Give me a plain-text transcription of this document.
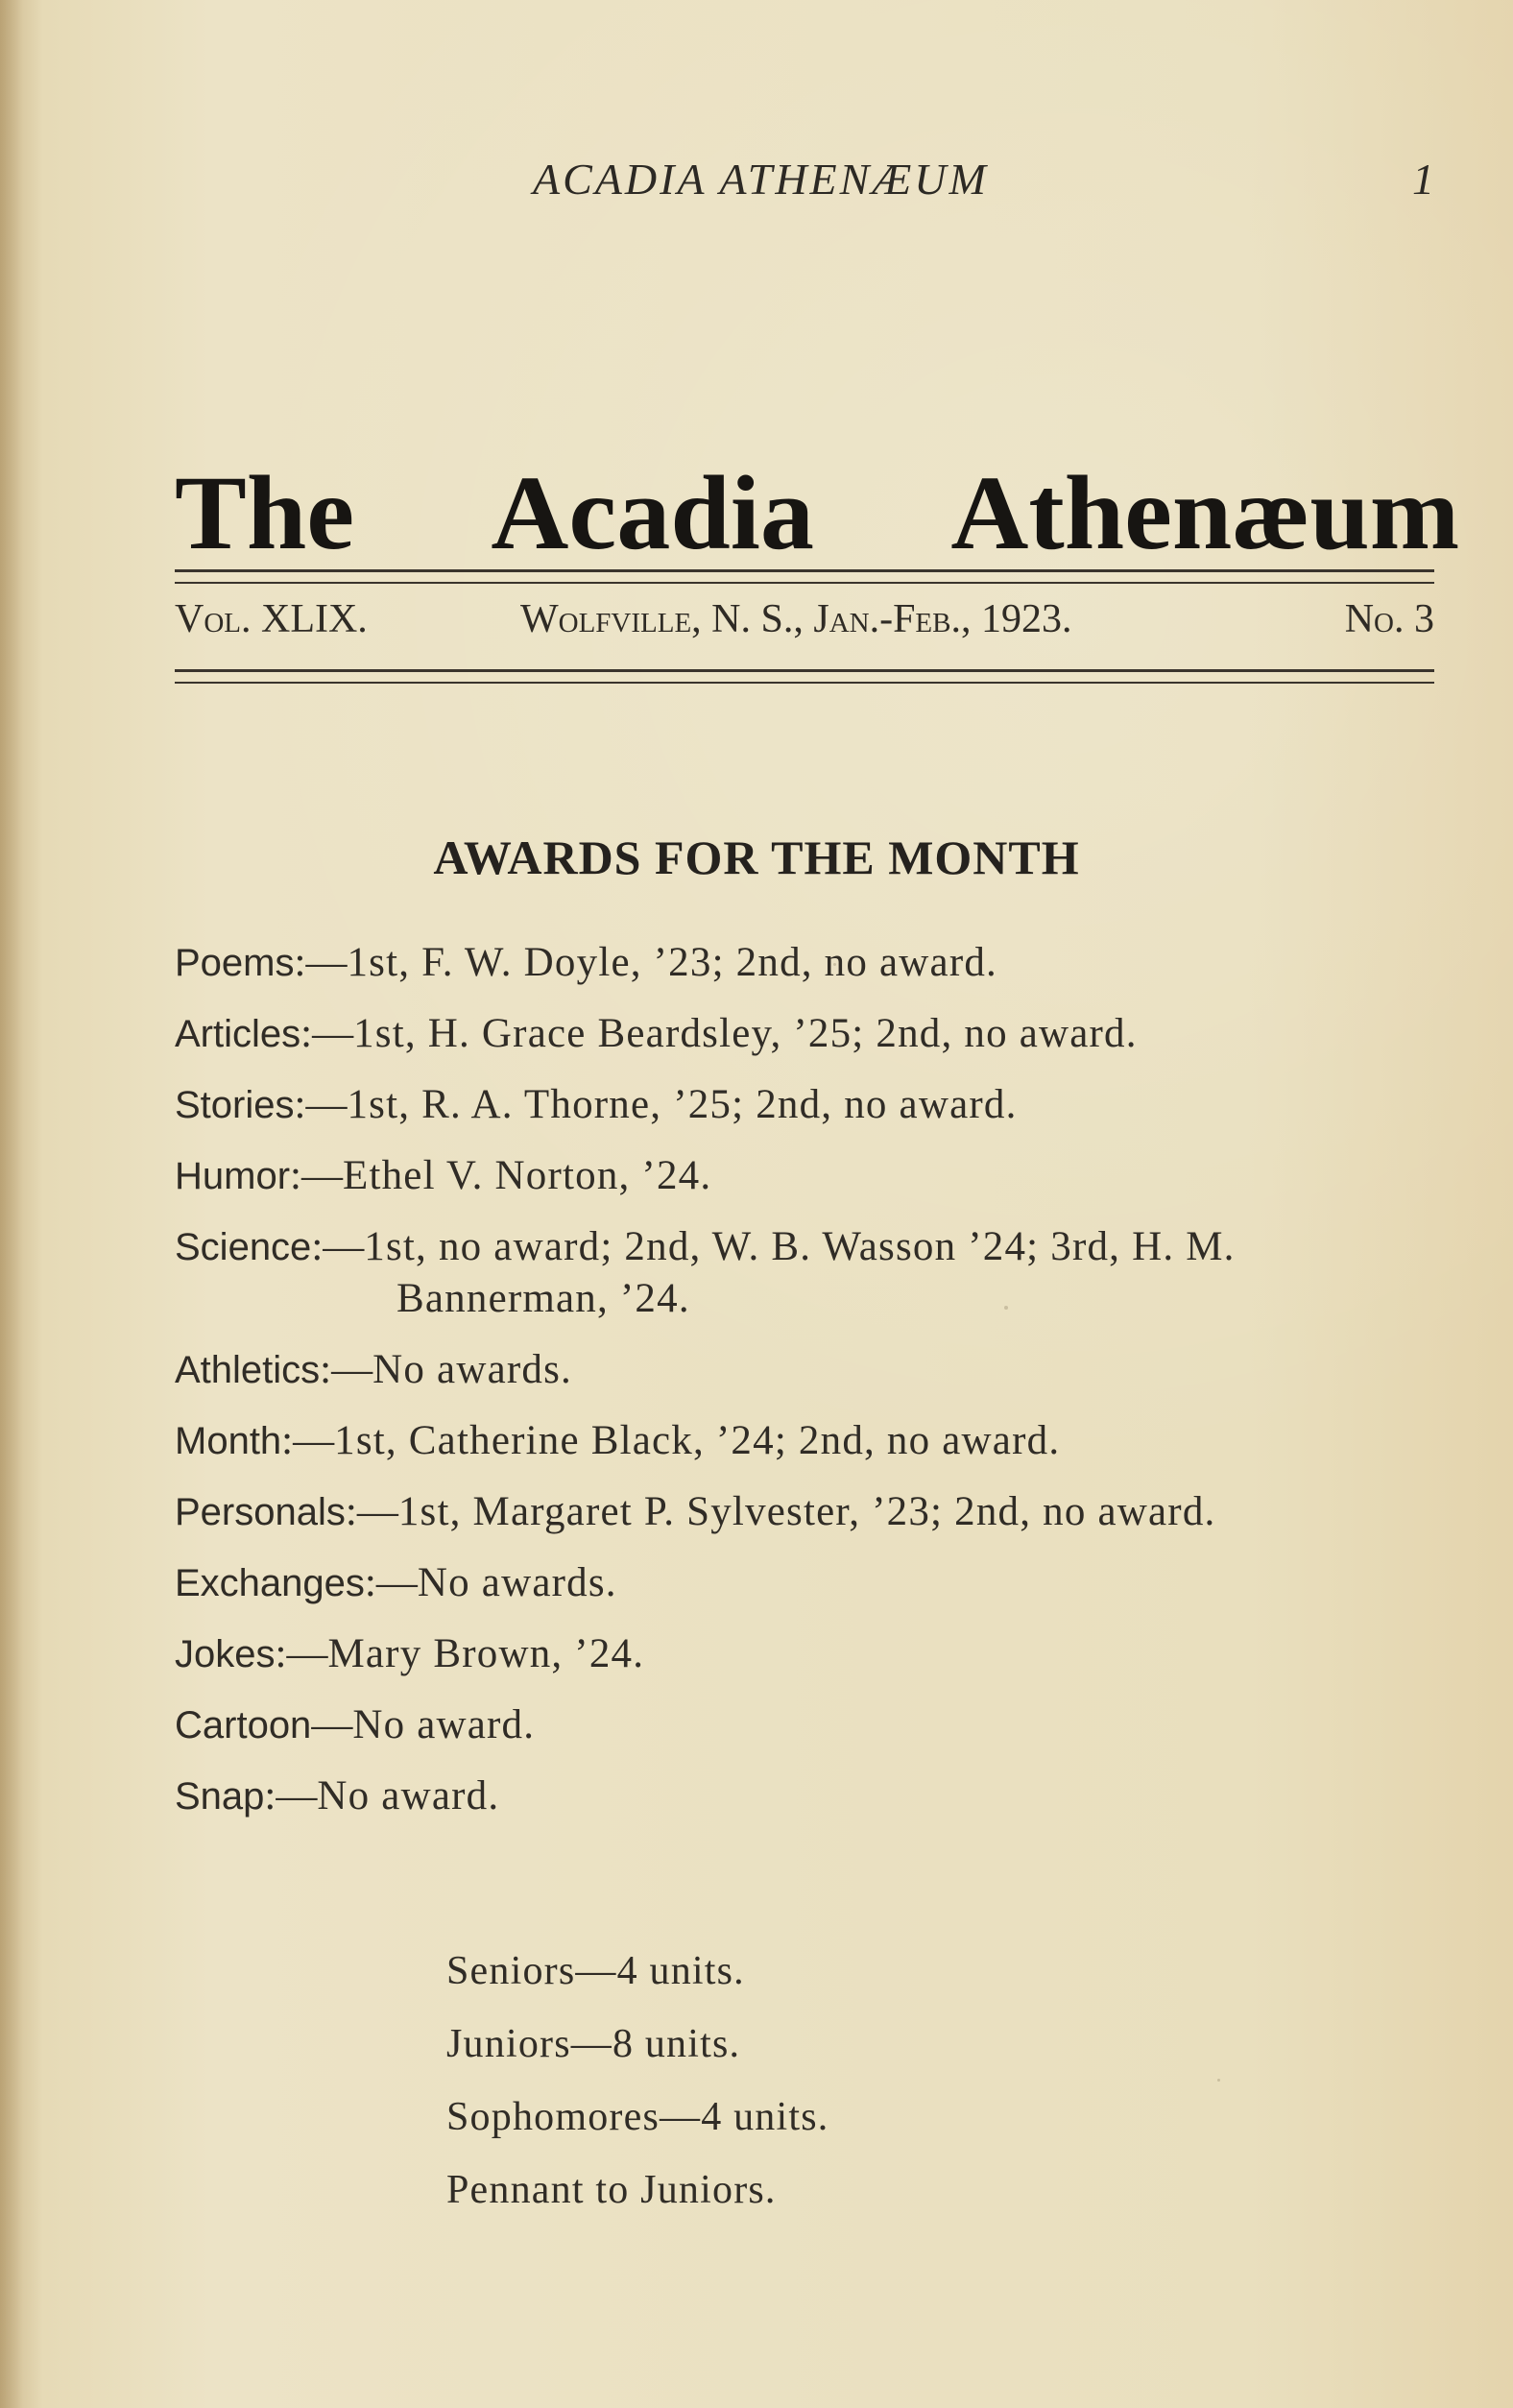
ACADIA ATHENÆUM	1
The Acadia Athenæum
Vol. XLIX.	Wolfville, N. S., Jan.-Feb., 1923.	No. 3
AWARDS FOR THE MONTH

Poems:—1st, F. W. Doyle, ’23; 2nd, no award.

Articles:—1st, H. Grace Beardsley, ’25; 2nd, no award.

Stories:—1st, R. A. Thorne, ’25; 2nd, no award.

Humor:—Ethel V. Norton, ’24.

Science:—1st, no award; 2nd, W. B. Wasson ’24; 3rd, H. M. Bannerman, ’24.

Athletics:—No awards.

Month:—1st, Catherine Black, ’24; 2nd, no award.

Personals:—1st, Margaret P. Sylvester, ’23; 2nd, no award.

Exchanges:—No awards.

Jokes:—Mary Brown, ’24.

Cartoon—No award.

Snap:—No award.

Seniors—4 units.
Juniors—8 units.
Sophomores—4 units.
Pennant to Juniors.
